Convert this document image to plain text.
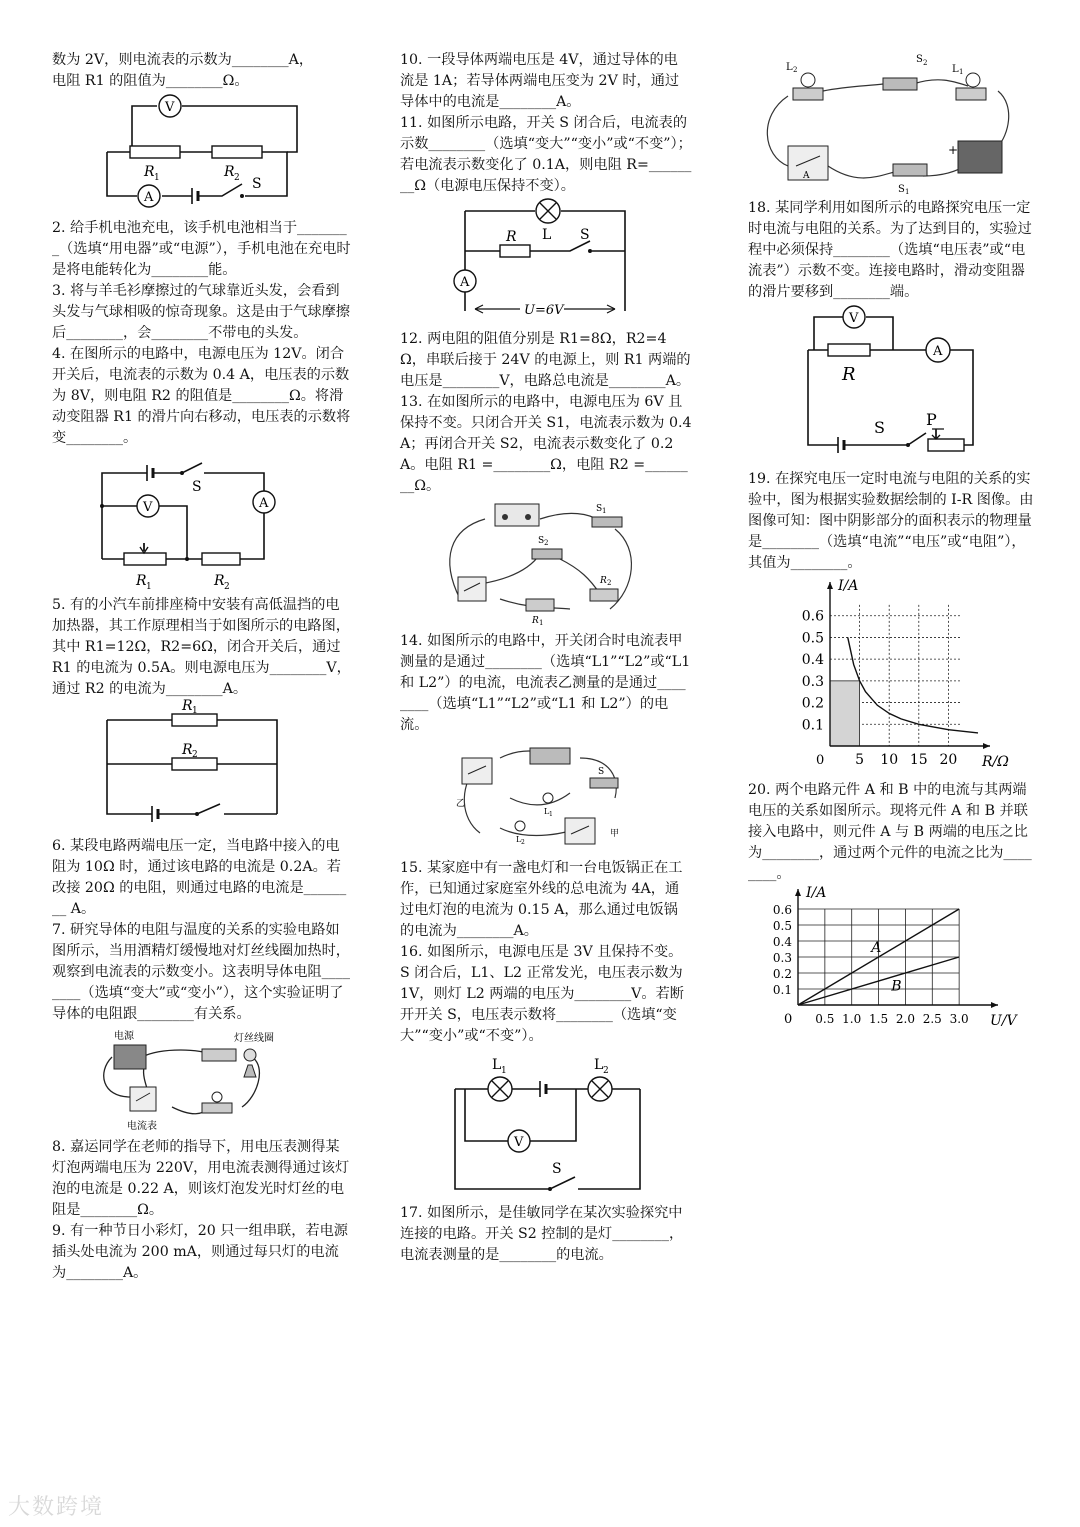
数为 2V，则电流表的示数为________A，
电阻 R1 的阻值为________Ω。

V
A
R 1	R 2 S

2. 给手机电池充电，该手机电池相当于________（选填“用电器”或“电源”），手机电池在充电时是将电能转化为________能。

3. 将与羊毛衫摩擦过的气球靠近头发，会看到头发与气球相吸的惊奇现象。这是由于气球摩擦后________，会________不带电的头发。

4. 在图所示的电路中，电源电压为 12V。闭合开关后，电流表的示数为 0.4 A，电压表的示数为 8V，则电阻 R2 的阻值是________Ω。将滑动变阻器 R1 的滑片向右移动，电压表的示数将变________。

V	A
S
R 1	R 2

5. 有的小汽车前排座椅中安装有高低温挡的电加热器，其工作原理相当于如图所示的电路图，其中 R1=12Ω，R2=6Ω，闭合开关后，通过 R1 的电流为 0.5A。则电源电压为________V，通过 R2 的电流为________A。

R 1
R 2

6. 某段电路两端电压一定，当电路中接入的电阻为 10Ω 时，通过该电路的电流是 0.2A。若改接 20Ω 的电阻，则通过电路的电流是________ A。

7. 研究导体的电阻与温度的关系的实验电路如图所示，当用酒精灯缓慢地对灯丝线圈加热时，观察到电流表的示数变小。这表明导体电阻________（选填“变大”或“变小”），这个实验证明了导体的电阻跟________有关系。

电源	灯丝线圈
电流表

8. 嘉运同学在老师的指导下，用电压表测得某灯泡两端电压为 220V，用电流表测得通过该灯泡的电流是 0.22 A，则该灯泡发光时灯丝的电阻是________Ω。

9. 有一种节日小彩灯，20 只一组串联，若电源插头处电流为 200 mA，则通过每只灯的电流为________A。

10. 一段导体两端电压是 4V，通过导体的电流是 1A；若导体两端电压变为 2V 时，通过导体中的电流是________A。

11. 如图所示电路，开关 S 闭合后，电流表的示数________（选填“变大”“变小”或“不变”）；若电流表示数变化了 0.1A，则电阻 R=________Ω（电源电压保持不变）。

L
R	S
A
U=6V

12. 两电阻的阻值分别是 R1=8Ω，R2=4Ω，串联后接于 24V 的电源上，则 R1 两端的电压是________V，电路总电流是________A。

13. 在如图所示的电路中，电源电压为 6V 且保持不变。只闭合开关 S1，电流表示数为 0.4 A；再闭合开关 S2，电流表示数变化了 0.2A。电阻 R1 =________Ω，电阻 R2 =________Ω。

S 1
S 2
R 2
R 1

14. 如图所示的电路中，开关闭合时电流表甲测量的是通过________（选填“L1”“L2”或“L1 和 L2”）的电流，电流表乙测量的是通过________（选填“L1”“L2”或“L1 和 L2”）的电流。

S
L 1
L 2
乙
甲

15. 某家庭中有一盏电灯和一台电饭锅正在工作，已知通过家庭室外线的总电流为 4A，通过电灯泡的电流为 0.15 A，那么通过电饭锅的电流为________A。

16. 如图所示，电源电压是 3V 且保持不变。S 闭合后，L1、L2 正常发光，电压表示数为 1V，则灯 L2 两端的电压为________V。若断开开关 S，电压表示数将________（选填“变大”“变小”或“不变”）。

L 1	L 2
V
S

17. 如图所示，是佳敏同学在某次实验探究中连接的电路。开关 S2 控制的是灯________，电流表测量的是________的电流。

L 2
S 2
L 1
A
S 1
+

18. 某同学利用如图所示的电路探究电压一定时电流与电阻的关系。为了达到目的，实验过程中必须保持________（选填“电压表”或“电流表”）示数不变。连接电路时，滑动变阻器的滑片要移到________端。

V
R
A
S	P

19. 在探究电压一定时电流与电阻的关系的实验中，图为根据实验数据绘制的 I-R 图像。由图像可知：图中阴影部分的面积表示的物理量是________（选填“电流”“电压”或“电阻”），其值为________。

I/A
R/Ω
0 5 10 15 20
0.1
0.2
0.3
0.4
0.5
0.6

20. 两个电路元件 A 和 B 中的电流与其两端电压的关系如图所示。现将元件 A 和 B 并联接入电路中，则元件 A 与 B 两端的电压之比为________，通过两个元件的电流之比为________。

I/A
U/V
0 0.5 1.0 1.5 2.0 2.5 3.0
0.1
0.2
0.3
0.4
0.5
0.6
A
B
大数跨境
